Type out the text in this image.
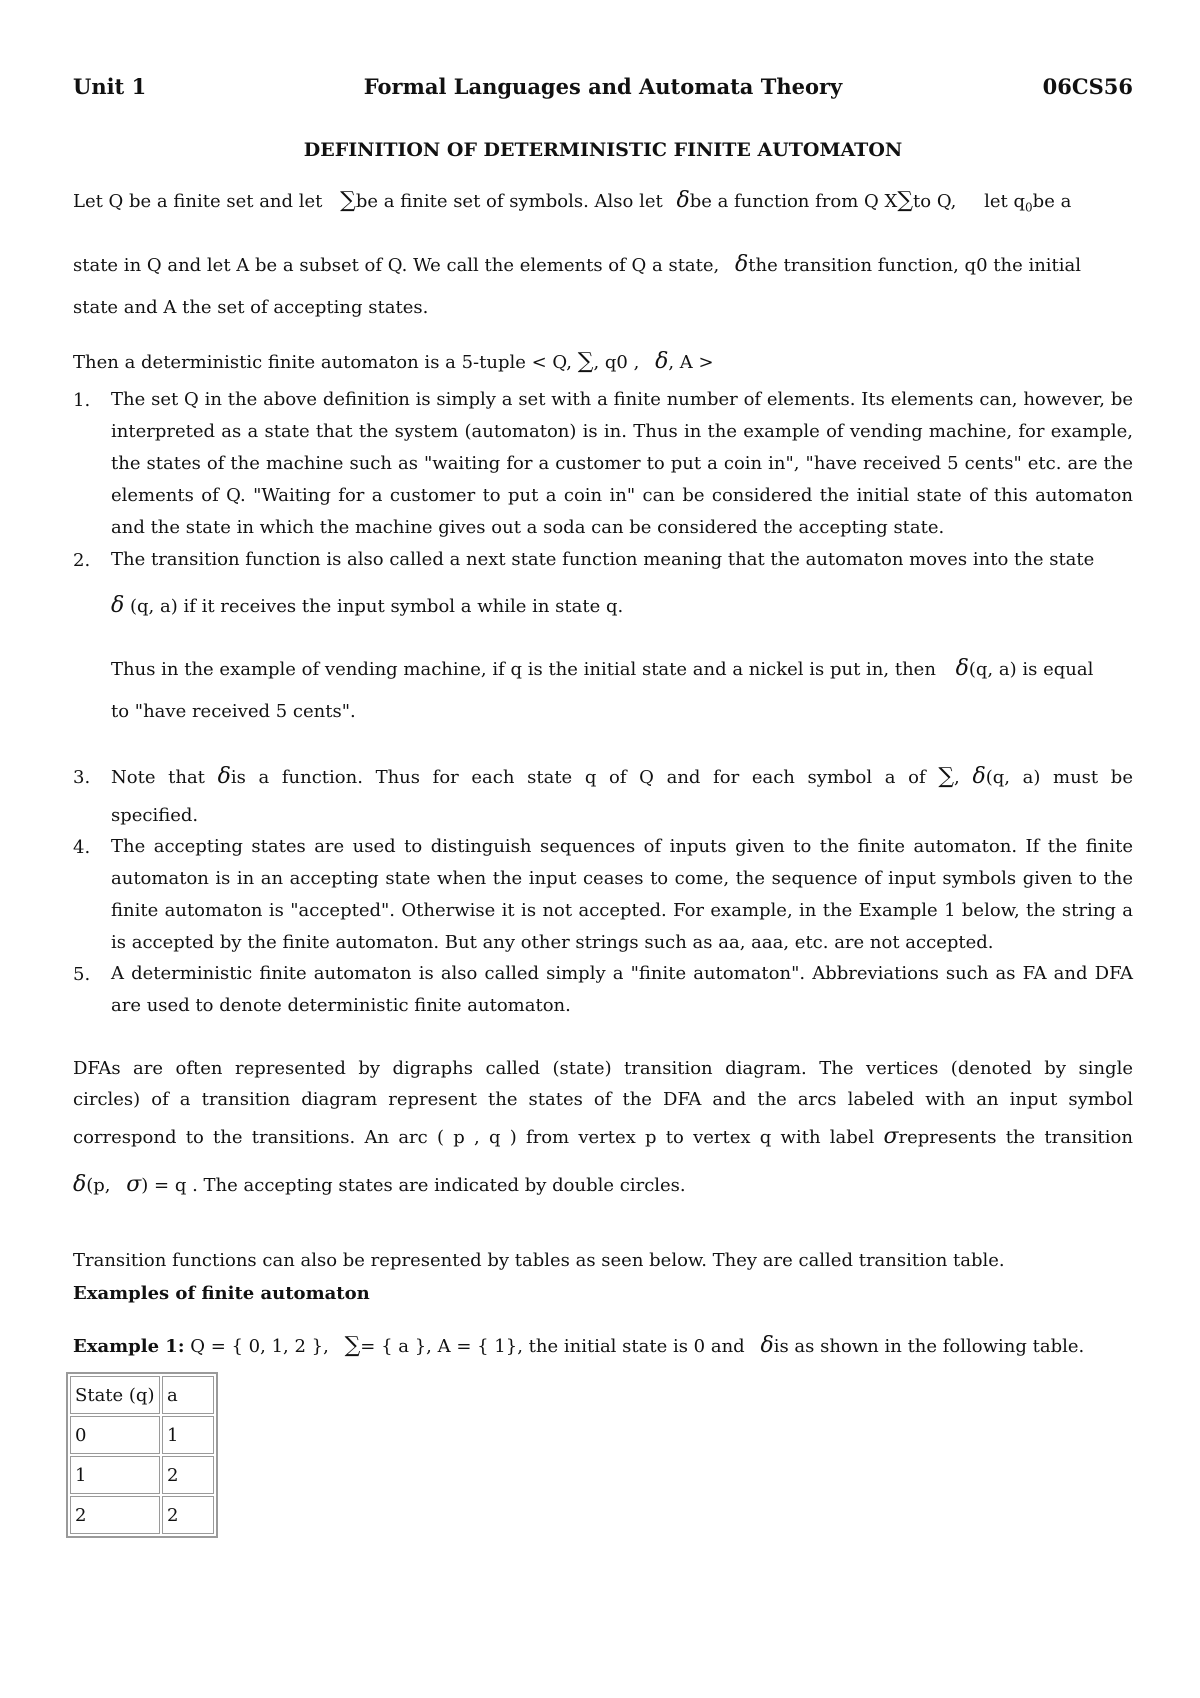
Unit 1	Formal Languages and Automata Theory	06CS56
DEFINITION OF DETERMINISTIC FINITE AUTOMATON
Let Q be a finite set and let ∑be a finite set of symbols. Also let δbe a function from Q X∑to Q, let $q_0be$ a
state in Q and let A be a subset of Q. We call the elements of Q a state, δthe transition function, q0 the initial
state and A the set of accepting states.
Then a deterministic finite automaton is a 5-tuple < Q, ∑, q0 , δ, A >
1. The set Q in the above definition is simply a set with a finite number of elements. Its elements can, however, be interpreted as a state that the system (automaton) is in. Thus in the example of vending machine, for example, the states of the machine such as "waiting for a customer to put a coin in", "have received 5 cents" etc. are the elements of Q. "Waiting for a customer to put a coin in" can be considered the initial state of this automaton and the state in which the machine gives out a soda can be considered the accepting state.
2. The transition function is also called a next state function meaning that the automaton moves into the state
δ (q, a) if it receives the input symbol a while in state q.
Thus in the example of vending machine, if q is the initial state and a nickel is put in, then δ(q, a) is equal
to "have received 5 cents".
3. Note that δis a function. Thus for each state q of Q and for each symbol a of ∑, δ(q, a) must be
specified.
4. The accepting states are used to distinguish sequences of inputs given to the finite automaton. If the finite automaton is in an accepting state when the input ceases to come, the sequence of input symbols given to the finite automaton is "accepted". Otherwise it is not accepted. For example, in the Example 1 below, the string a is accepted by the finite automaton. But any other strings such as aa, aaa, etc. are not accepted.
5. A deterministic finite automaton is also called simply a "finite automaton". Abbreviations such as FA and DFA are used to denote deterministic finite automaton.
DFAs are often represented by digraphs called (state) transition diagram. The vertices (denoted by single
circles) of a transition diagram represent the states of the DFA and the arcs labeled with an input symbol
correspond to the transitions. An arc ( p , q ) from vertex p to vertex q with label σrepresents the transition
δ(p, σ) = q . The accepting states are indicated by double circles.
Transition functions can also be represented by tables as seen below. They are called transition table.
Examples of finite automaton
Example 1: Q = { 0, 1, 2 }, ∑= { a }, A = { 1}, the initial state is 0 and δis as shown in the following table.
State (q)	a
0	1
1	2
2	2
